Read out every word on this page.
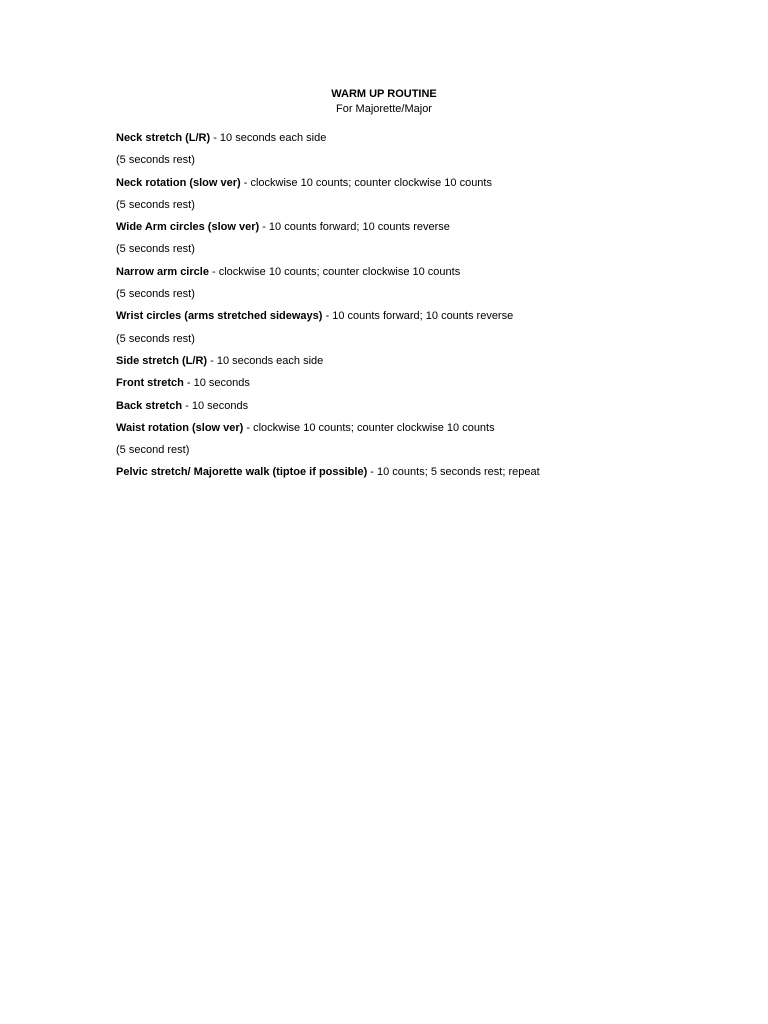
WARM UP ROUTINE
For Majorette/Major
Neck stretch (L/R) - 10 seconds each side
(5 seconds rest)
Neck rotation (slow ver) - clockwise 10 counts; counter clockwise 10 counts
(5 seconds rest)
Wide Arm circles (slow ver) - 10 counts forward; 10 counts reverse
(5 seconds rest)
Narrow arm circle - clockwise 10 counts; counter clockwise 10 counts
(5 seconds rest)
Wrist circles (arms stretched sideways) - 10 counts forward; 10 counts reverse
(5 seconds rest)
Side stretch (L/R) - 10 seconds each side
Front stretch - 10 seconds
Back stretch - 10 seconds
Waist rotation (slow ver) - clockwise 10 counts; counter clockwise 10 counts
(5 second rest)
Pelvic stretch/ Majorette walk (tiptoe if possible) - 10 counts; 5 seconds rest; repeat
